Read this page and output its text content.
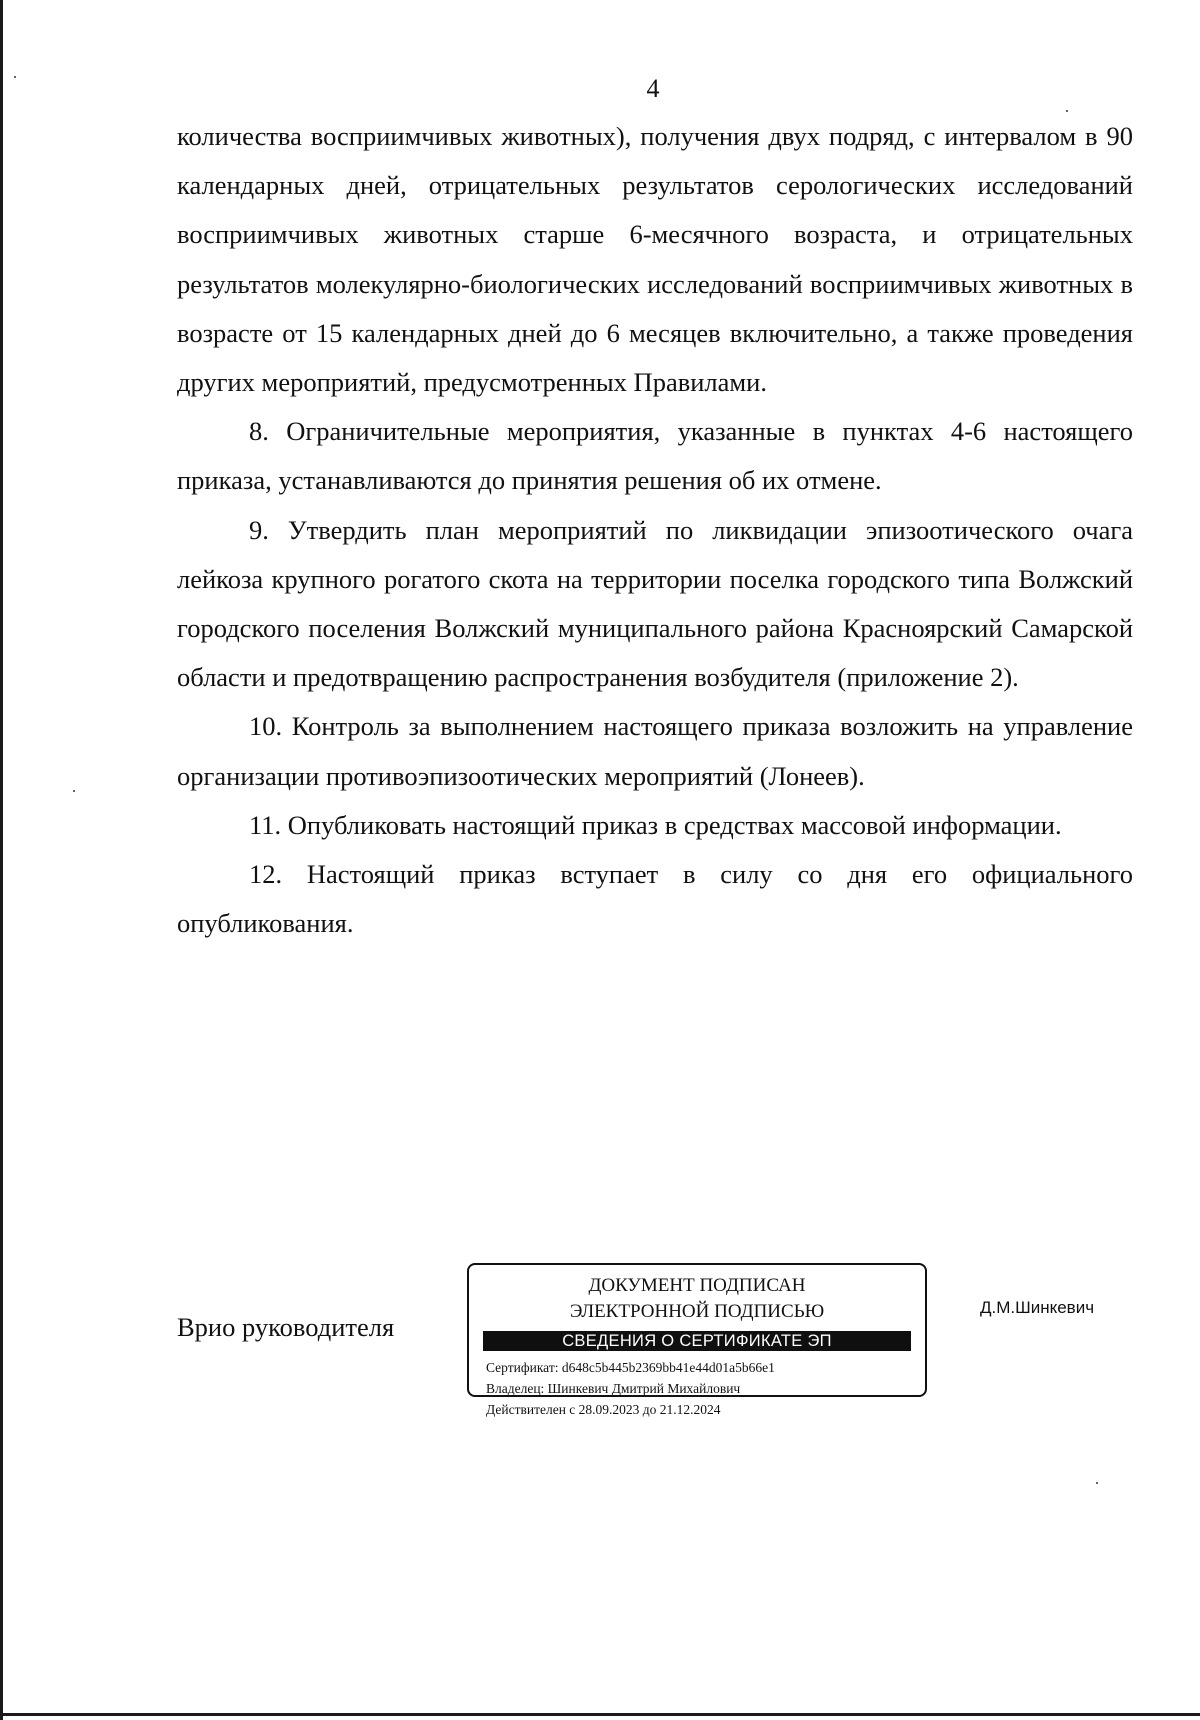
4

количества восприимчивых животных), получения двух подряд, с интервалом в 90 календарных дней, отрицательных результатов серологических исследований восприимчивых животных старше 6-месячного возраста, и отрицательных результатов молекулярно-биологических исследований восприимчивых животных в возрасте от 15 календарных дней до 6 месяцев включительно, а также проведения других мероприятий, предусмотренных Правилами.

8. Ограничительные мероприятия, указанные в пунктах 4-6 настоящего приказа, устанавливаются до принятия решения об их отмене.

9. Утвердить план мероприятий по ликвидации эпизоотического очага лейкоза крупного рогатого скота на территории поселка городского типа Волжский городского поселения Волжский муниципального района Красноярский Самарской области и предотвращению распространения возбудителя (приложение 2).

10. Контроль за выполнением настоящего приказа возложить на управление организации противоэпизоотических мероприятий (Лонеев).

11. Опубликовать настоящий приказ в средствах массовой информации.

12. Настоящий приказ вступает в силу со дня его официального опубликования.

Врио руководителя
ДОКУМЕНТ ПОДПИСАН
ЭЛЕКТРОННОЙ ПОДПИСЬЮ
СВЕДЕНИЯ О СЕРТИФИКАТЕ ЭП
Сертификат: d648c5b445b2369bb41e44d01a5b66e1
Владелец: Шинкевич Дмитрий Михайлович
Действителен с 28.09.2023 до 21.12.2024
Д.М.Шинкевич
